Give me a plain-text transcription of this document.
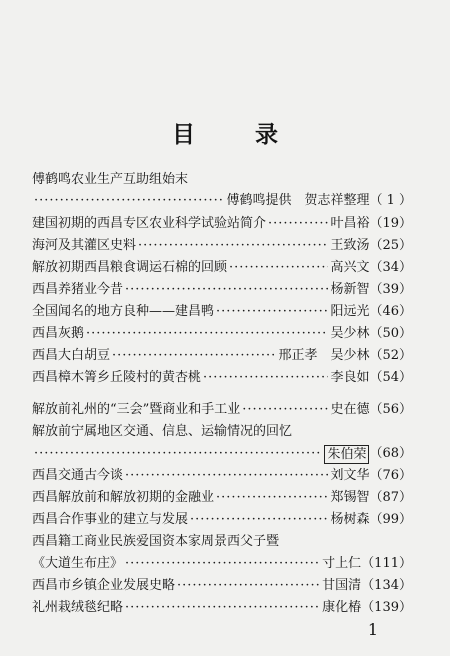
目 录
傅鹤鸣农业生产互助组始末
·····
傅鹤鸣提供　贺志祥整理 （ 1 ）
建国初期的西昌专区农业科学试验站简介 ·····	叶昌裕 （19）
海河及其灌区史料 ·····	王致汤 （25）
解放初期西昌粮食调运石棉的回顾 ·····	高兴文 （34）
西昌养猪业今昔 ·····	杨新智 （39）
全国闻名的地方良种——建昌鸭 ·····	阳远光 （46）
西昌灰鹅 ·····	吴少林 （50）
西昌大白胡豆 ·····	邢正孝　吴少林 （52）
西昌樟木箐乡丘陵村的黄杏桃 ·····	李良如 （54）
解放前礼州的“三会”暨商业和手工业 ·····	史在德 （56）
解放前宁属地区交通、信息、运输情况的回忆
·····
朱伯荣 （68）
西昌交通古今谈 ·····	刘文华 （76）
西昌解放前和解放初期的金融业 ·····	郑锡智 （87）
西昌合作事业的建立与发展 ·····	杨树森 （99）
西昌籍工商业民族爱国资本家周景西父子暨
《大道生布庄》 ·····	寸上仁 （111）
西昌市乡镇企业发展史略 ·····	甘国清 （134）
礼州栽绒毯纪略 ·····	康化椿 （139）
1
